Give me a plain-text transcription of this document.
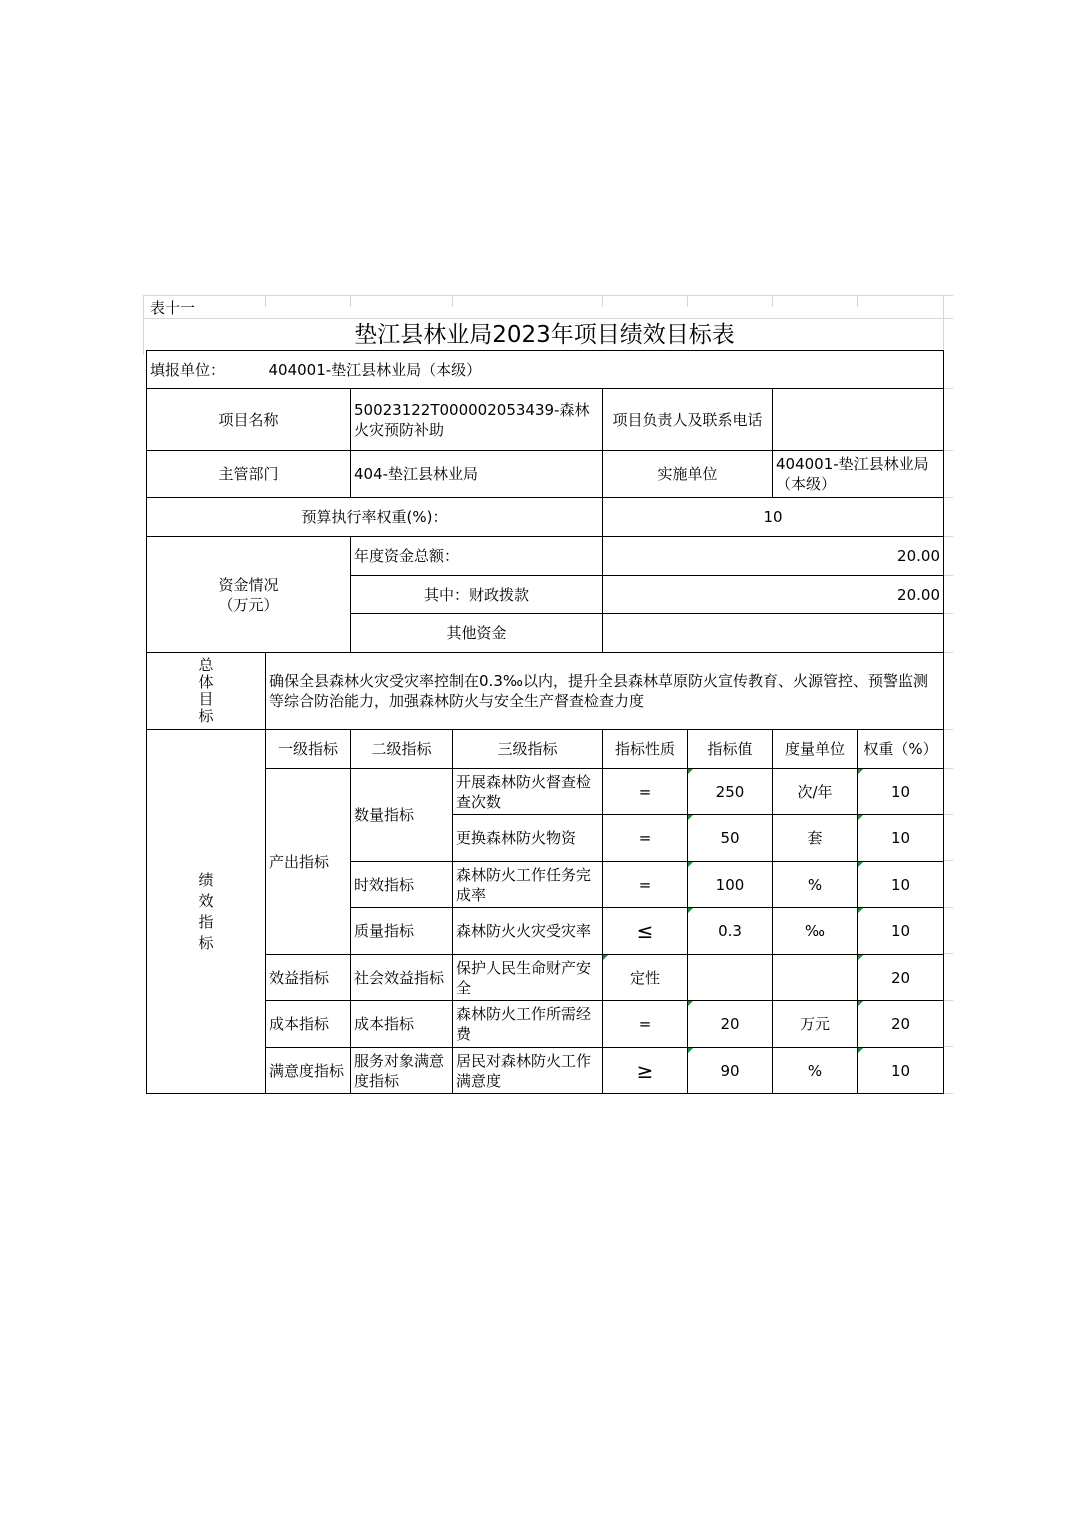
表十一
垫江县林业局2023年项目绩效目标表
填报单位：	404001-垫江县林业局（本级）						
项目名称		50023122T000002053439-森林火灾预防补助		项目负责人及联系电话			
主管部门		404-垫江县林业局		实施单位		404001-垫江县林业局（本级）	
预算执行率权重(%)：				10			

资金情况
（万元）		年度资金总额：		20.00			
		其中：财政拨款		20.00			
		其他资金					

总体目标	确保全县森林火灾受灾率控制在0.3‰以内，提升全县森林草原防火宣传教育、火源管控、预警监测等综合防治能力，加强森林防火与安全生产督查检查力度						

绩效指标	一级指标	二级指标	三级指标	指标性质	指标值	度量单位	权重（%）
	产出指标	数量指标	开展森林防火督查检查次数	=	250	次/年	10
			更换森林防火物资	=	50	套	10
		时效指标	森林防火工作任务完成率	=	100	%	10
		质量指标	森林防火火灾受灾率	≤	0.3	‰	10
	效益指标	社会效益指标	保护人民生命财产安全	定性			20
	成本指标	成本指标	森林防火工作所需经费	=	20	万元	20
	满意度指标	服务对象满意度指标	居民对森林防火工作满意度	≥	90	%	10
